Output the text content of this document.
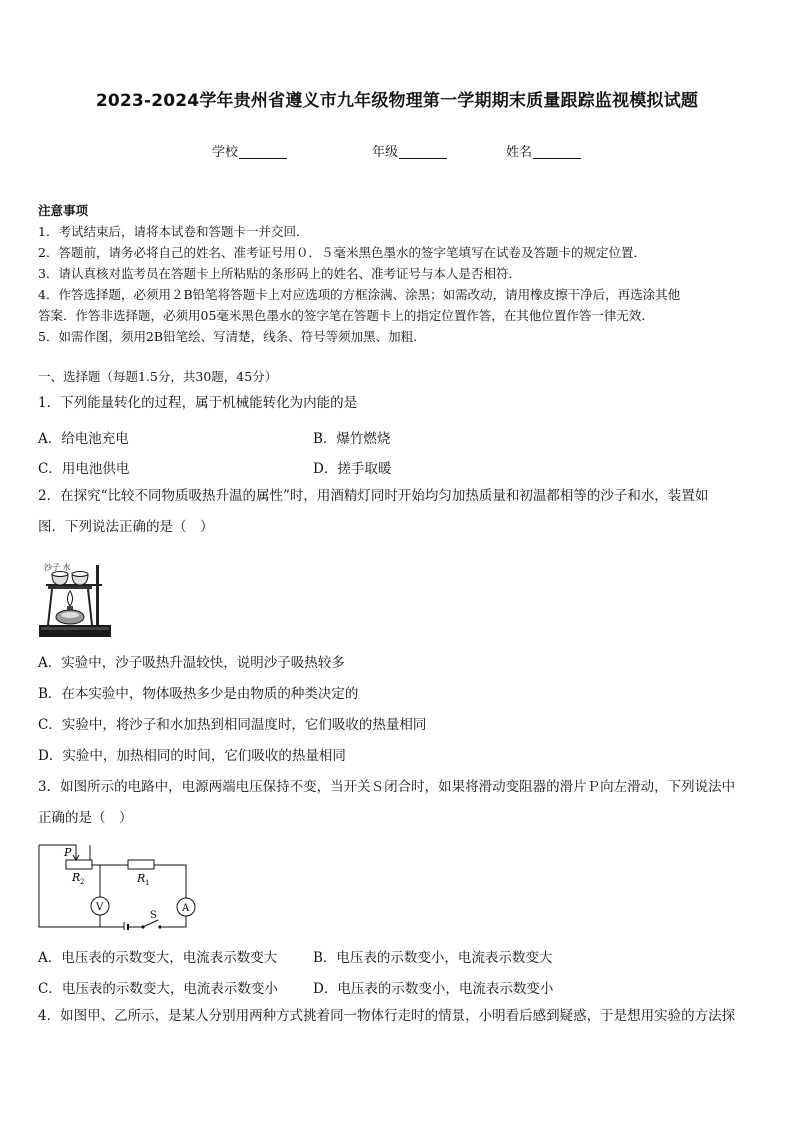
2023-2024学年贵州省遵义市九年级物理第一学期期末质量跟踪监视模拟试题
学校	年级	姓名
注意事项
1．考试结束后，请将本试卷和答题卡一并交回．
2．答题前，请务必将自己的姓名、准考证号用０．５毫米黑色墨水的签字笔填写在试卷及答题卡的规定位置．
3．请认真核对监考员在答题卡上所粘贴的条形码上的姓名、准考证号与本人是否相符．
4．作答选择题，必须用２B铅笔将答题卡上对应选项的方框涂满、涂黑；如需改动，请用橡皮擦干净后，再选涂其他
答案．作答非选择题，必须用05毫米黑色墨水的签字笔在答题卡上的指定位置作答，在其他位置作答一律无效．
5．如需作图，须用2B铅笔绘、写清楚，线条、符号等须加黑、加粗．
一、选择题（每题1.5分，共30题，45分）
1．下列能量转化的过程，属于机械能转化为内能的是
A．给电池充电	B．爆竹燃烧
C．用电池供电	D．搓手取暖
2．在探究“比较不同物质吸热升温的属性”时，用酒精灯同时开始均匀加热质量和初温都相等的沙子和水，装置如
图．下列说法正确的是（　）
沙子 水
A．实验中，沙子吸热升温较快，说明沙子吸热较多
B．在本实验中，物体吸热多少是由物质的种类决定的
C．实验中，将沙子和水加热到相同温度时，它们吸收的热量相同
D．实验中，加热相同的时间，它们吸收的热量相同
3．如图所示的电路中，电源两端电压保持不变，当开关Ｓ闭合时，如果将滑动变阻器的滑片Ｐ向左滑动，下列说法中
正确的是（　）
P
R 2	R 1
V	A
S
A．电压表的示数变大，电流表示数变大	B．电压表的示数变小，电流表示数变大
C．电压表的示数变大，电流表示数变小	D．电压表的示数变小，电流表示数变小
4．如图甲、乙所示，是某人分别用两种方式挑着同一物体行走时的情景，小明看后感到疑惑，于是想用实验的方法探
